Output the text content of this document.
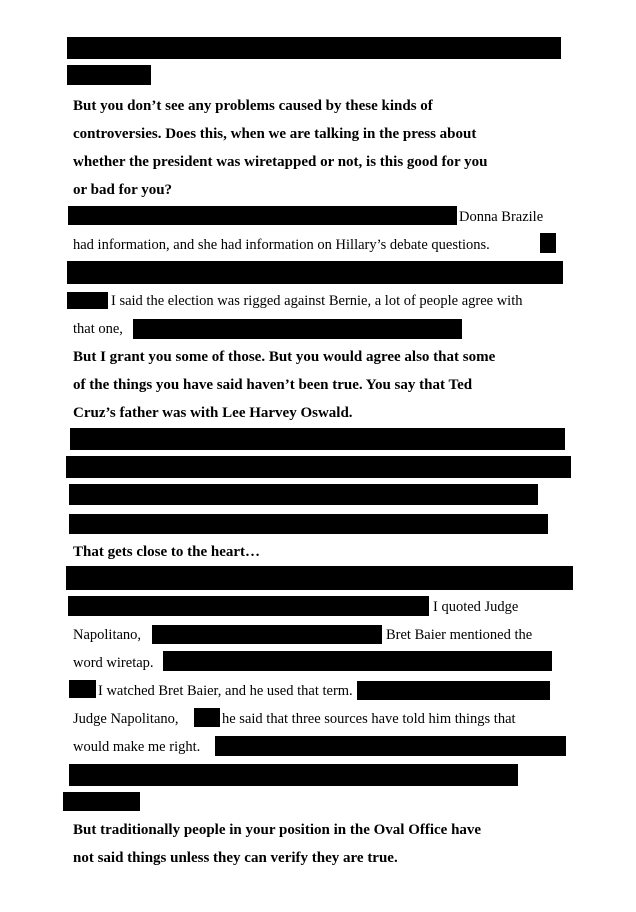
But you don’t see any problems caused by these kinds of
controversies. Does this, when we are talking in the press about
whether the president was wiretapped or not, is this good for you
or bad for you?
Donna Brazile
had information, and she had information on Hillary’s debate questions.
I said the election was rigged against Bernie, a lot of people agree with
that one,
But I grant you some of those. But you would agree also that some
of the things you have said haven’t been true. You say that Ted
Cruz’s father was with Lee Harvey Oswald.
That gets close to the heart…
I quoted Judge
Napolitano,	Bret Baier mentioned the
word wiretap.
I watched Bret Baier, and he used that term.
Judge Napolitano,	he said that three sources have told him things that
would make me right.
But traditionally people in your position in the Oval Office have
not said things unless they can verify they are true.
